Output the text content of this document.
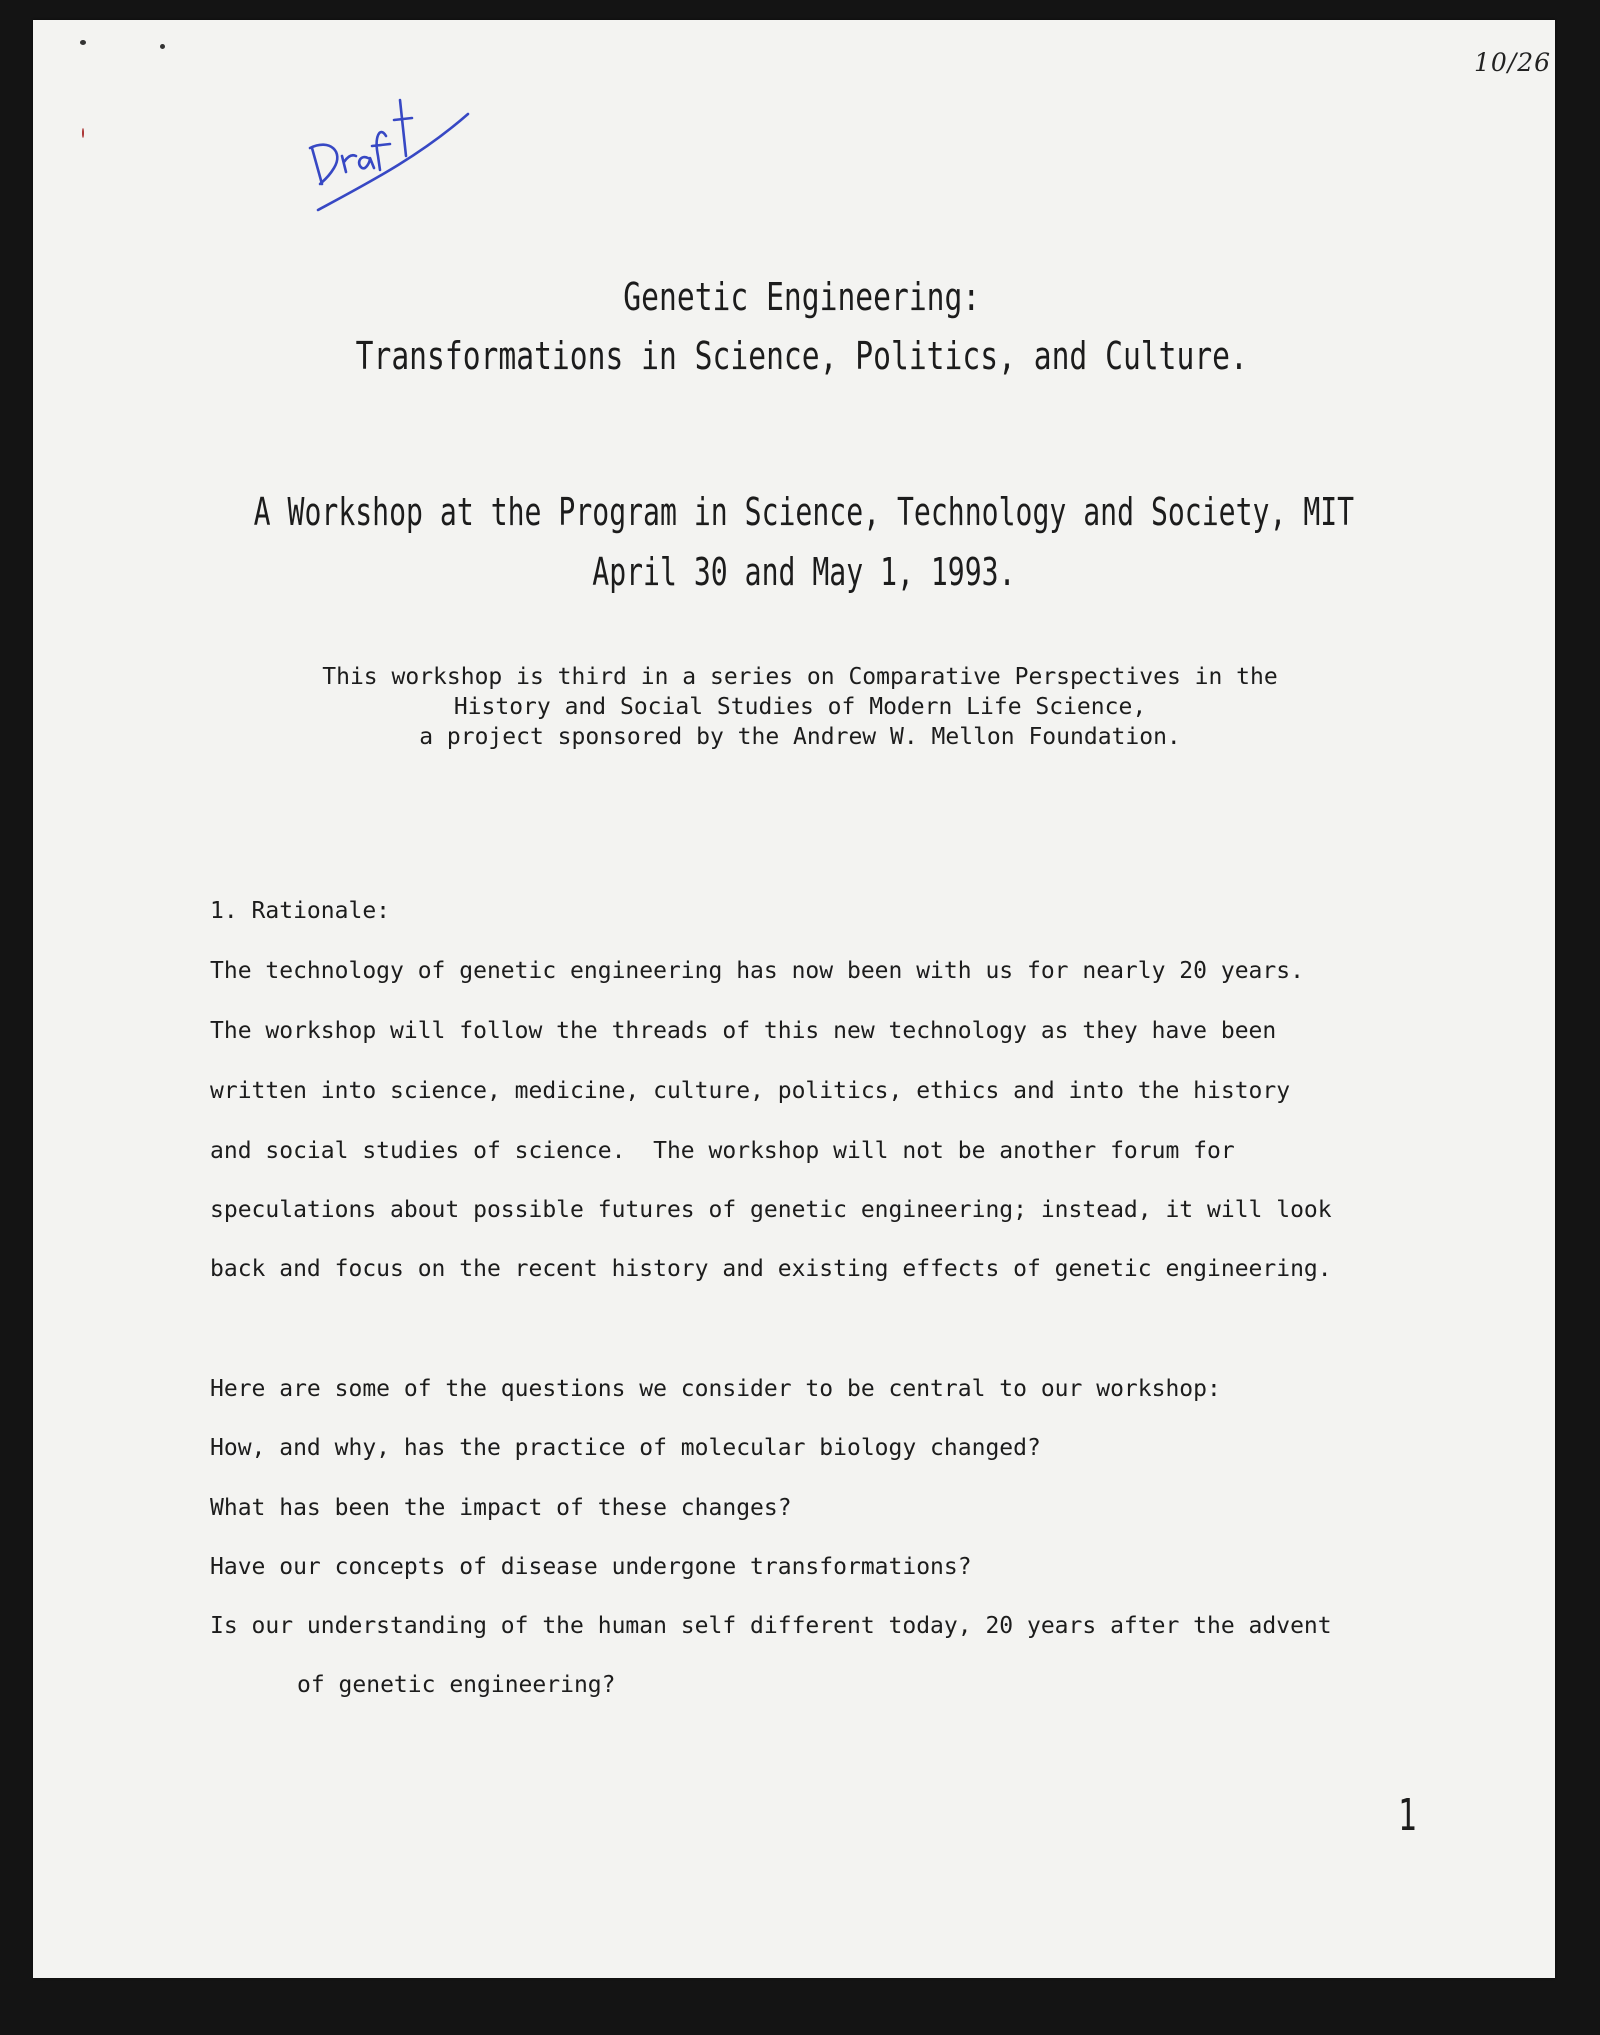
10/26
Genetic Engineering:
Transformations in Science, Politics, and Culture.
A Workshop at the Program in Science, Technology and Society, MIT
April 30 and May 1, 1993.
This workshop is third in a series on Comparative Perspectives in the
History and Social Studies of Modern Life Science,
a project sponsored by the Andrew W. Mellon Foundation.
1. Rationale:
The technology of genetic engineering has now been with us for nearly 20 years.
The workshop will follow the threads of this new technology as they have been
written into science, medicine, culture, politics, ethics and into the history
and social studies of science.  The workshop will not be another forum for
speculations about possible futures of genetic engineering; instead, it will look
back and focus on the recent history and existing effects of genetic engineering.
Here are some of the questions we consider to be central to our workshop:
How, and why, has the practice of molecular biology changed?
What has been the impact of these changes?
Have our concepts of disease undergone transformations?
Is our understanding of the human self different today, 20 years after the advent
of genetic engineering?
1
